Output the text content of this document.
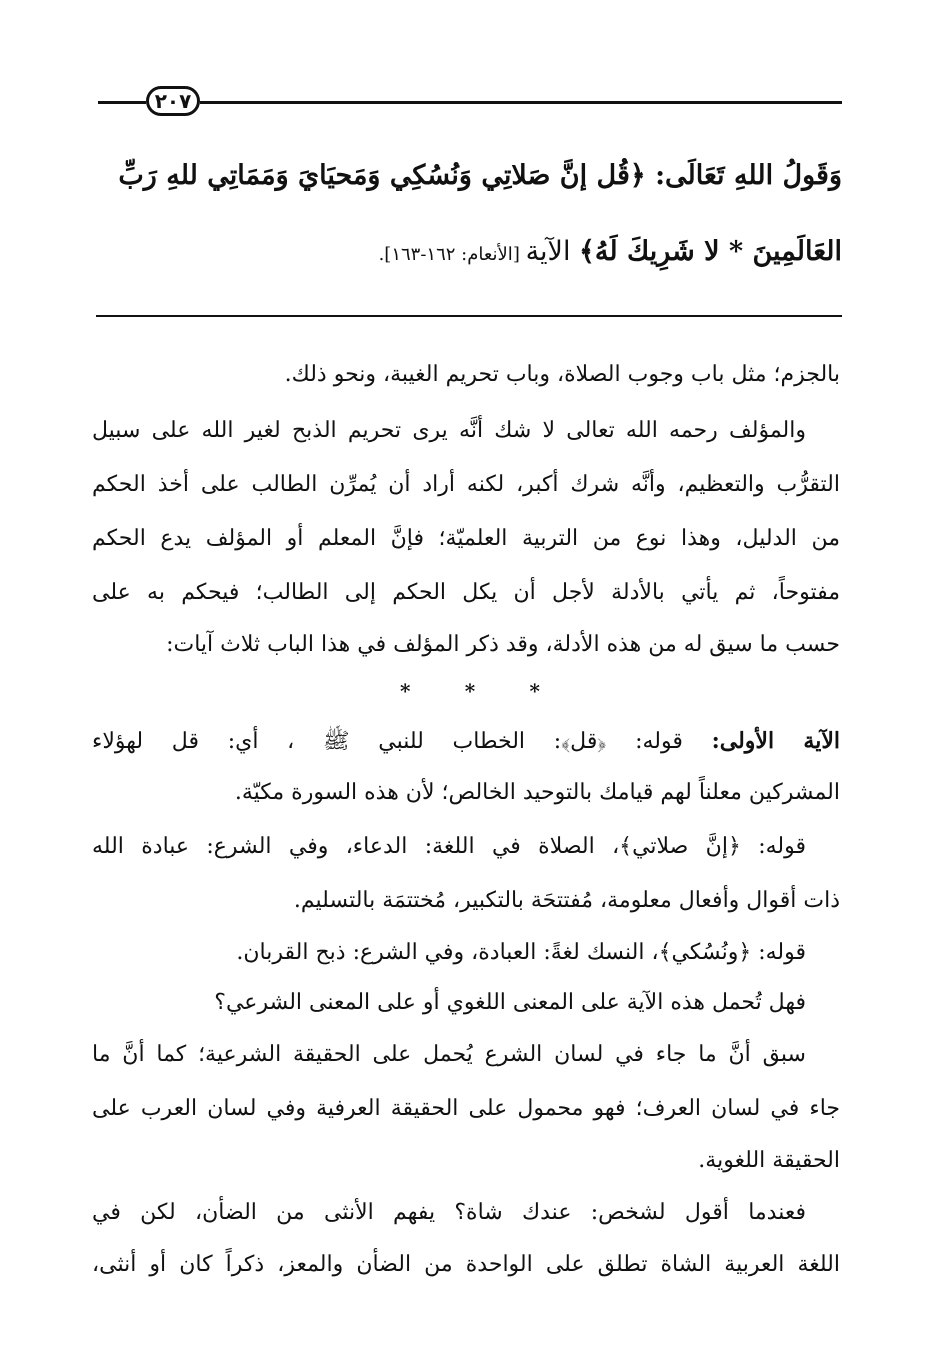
٢٠٧
وَقَولُ اللهِ تَعَالَى: ﴿قُل إنَّ صَلاتِي وَنُسُكِي وَمَحيَايَ وَمَمَاتِي للهِ رَبِّ
العَالَمِينَ * لا شَرِيكَ لَهُ﴾ الآية [الأنعام: ١٦٢-١٦٣].
بالجزم؛ مثل باب وجوب الصلاة، وباب تحريم الغيبة، ونحو ذلك.
والمؤلف رحمه الله تعالى لا شك أنَّه يرى تحريم الذبح لغير الله على سبيل
التقرُّب والتعظيم، وأنَّه شرك أكبر، لكنه أراد أن يُمرِّن الطالب على أخذ الحكم
من الدليل، وهذا نوع من التربية العلميّة؛ فإنَّ المعلم أو المؤلف يدع الحكم
مفتوحاً، ثم يأتي بالأدلة لأجل أن يكل الحكم إلى الطالب؛ فيحكم به على
حسب ما سيق له من هذه الأدلة، وقد ذكر المؤلف في هذا الباب ثلاث آيات:
*	*	*
الآية الأولى: قوله: ﴿قل﴾: الخطاب للنبي ﷺ ، أي: قل لهؤلاء
المشركين معلناً لهم قيامك بالتوحيد الخالص؛ لأن هذه السورة مكيّة.
قوله: ﴿إنَّ صلاتي﴾، الصلاة في اللغة: الدعاء، وفي الشرع: عبادة الله
ذات أقوال وأفعال معلومة، مُفتتحَة بالتكبير، مُختتمَة بالتسليم.
قوله: ﴿ونُسُكي﴾، النسك لغةً: العبادة، وفي الشرع: ذبح القربان.
فهل تُحمل هذه الآية على المعنى اللغوي أو على المعنى الشرعي؟
سبق أنَّ ما جاء في لسان الشرع يُحمل على الحقيقة الشرعية؛ كما أنَّ ما
جاء في لسان العرف؛ فهو محمول على الحقيقة العرفية وفي لسان العرب على
الحقيقة اللغوية.
فعندما أقول لشخص: عندك شاة؟ يفهم الأنثى من الضأن، لكن في
اللغة العربية الشاة تطلق على الواحدة من الضأن والمعز، ذكراً كان أو أنثى،
